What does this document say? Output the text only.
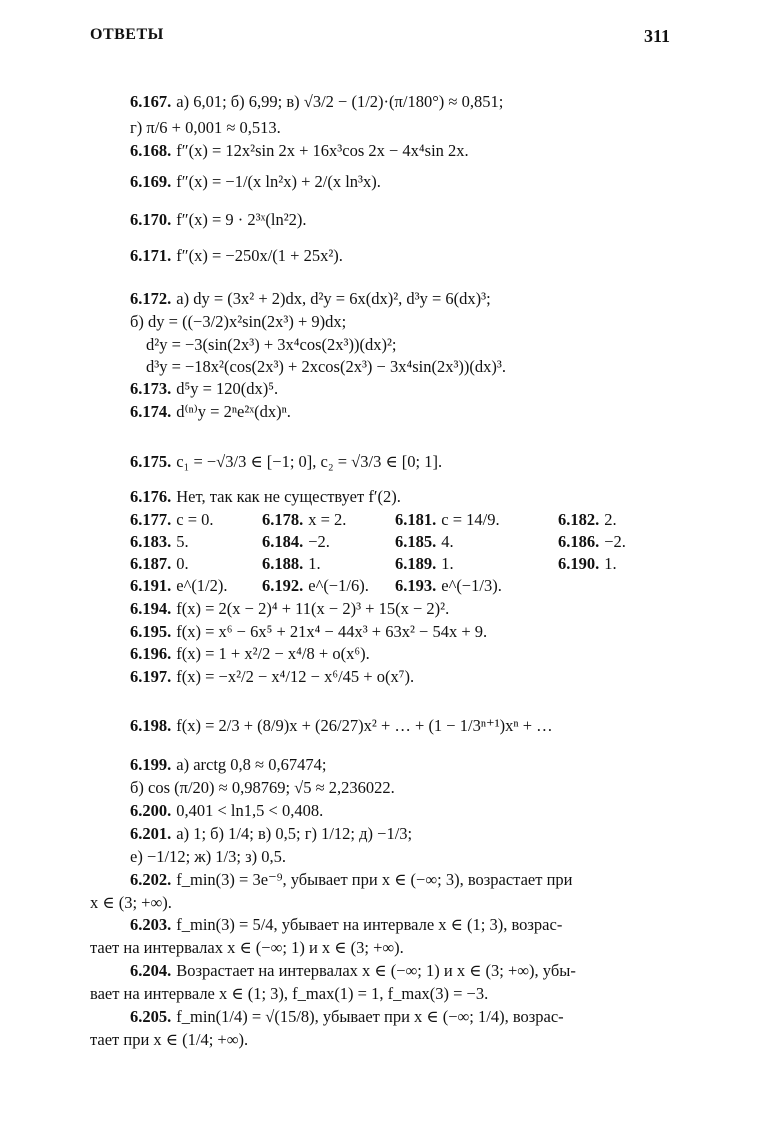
ОТВЕТЫ	311
6.167. а) 6,01; б) 6,99; в) √3/2 − (1/2)·(π/180°) ≈ 0,851;
г) π/6 + 0,001 ≈ 0,513.
6.168. f″(x) = 12x²sin 2x + 16x³cos 2x − 4x⁴sin 2x.
6.169. f″(x) = −1/(x ln²x) + 2/(x ln³x).
6.170. f″(x) = 9 · 2³ˣ(ln²2).
6.171. f″(x) = −250x/(1 + 25x²).
6.172. а) dy = (3x² + 2)dx, d²y = 6x(dx)², d³y = 6(dx)³;
б) dy = ((−3/2)x²sin(2x³) + 9)dx;
d²y = −3(sin(2x³) + 3x⁴cos(2x³))(dx)²;
d³y = −18x²(cos(2x³) + 2xcos(2x³) − 3x⁴sin(2x³))(dx)³.
6.173. d⁵y = 120(dx)⁵.
6.174. d⁽ⁿ⁾y = 2ⁿe²ˣ(dx)ⁿ.
6.175. c₁ = −√3/3 ∈ [−1; 0], c₂ = √3/3 ∈ [0; 1].
6.176. Нет, так как не существует f′(2).
6.177. c = 0.	6.178. x = 2.	6.181. c = 14/9.	6.182. 2.
6.183. 5.	6.184. −2.	6.185. 4.	6.186. −2.
6.187. 0.	6.188. 1.	6.189. 1.	6.190. 1.
6.191. e^(1/2). 6.192. e^(−1/6). 6.193. e^(−1/3).
6.194. f(x) = 2(x − 2)⁴ + 11(x − 2)³ + 15(x − 2)².
6.195. f(x) = x⁶ − 6x⁵ + 21x⁴ − 44x³ + 63x² − 54x + 9.
6.196. f(x) = 1 + x²/2 − x⁴/8 + o(x⁶).
6.197. f(x) = −x²/2 − x⁴/12 − x⁶/45 + o(x⁷).
6.198. f(x) = 2/3 + (8/9)x + (26/27)x² + … + (1 − 1/3ⁿ⁺¹)xⁿ + …
6.199. а) arctg 0,8 ≈ 0,67474;
б) cos (π/20) ≈ 0,98769; √5 ≈ 2,236022.
6.200. 0,401 < ln1,5 < 0,408.
6.201. а) 1; б) 1/4; в) 0,5; г) 1/12; д) −1/3;
е) −1/12; ж) 1/3; з) 0,5.
6.202. f_min(3) = 3e⁻⁹, убывает при x ∈ (−∞; 3), возрастает при
x ∈ (3; +∞).
6.203. f_min(3) = 5/4, убывает на интервале x ∈ (1; 3), возрас-
тает на интервалах x ∈ (−∞; 1) и x ∈ (3; +∞).
6.204. Возрастает на интервалах x ∈ (−∞; 1) и x ∈ (3; +∞), убы-
вает на интервале x ∈ (1; 3), f_max(1) = 1, f_max(3) = −3.
6.205. f_min(1/4) = √(15/8), убывает при x ∈ (−∞; 1/4), возрас-
тает при x ∈ (1/4; +∞).
